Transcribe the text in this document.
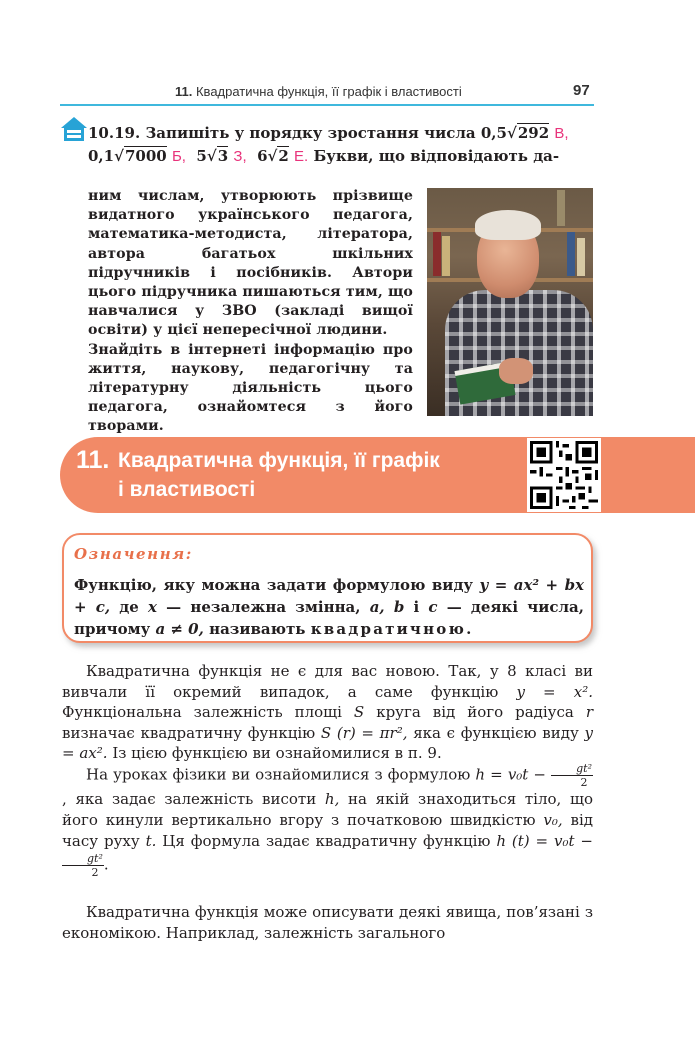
11. Квадратична функція, її графік і властивості	97
10.19. Запишіть у порядку зростання числа 0,5√292 В,
0,1√7000 Б, 5√3 З, 6√2 Е. Букви, що відповідають да-

ним числам, утворюють прізвище видатного українського педагога, математика-методиста, літератора, автора багатьох шкільних підручників і посібників. Автори цього підручника пишаються тим, що навчалися у ЗВО (закладі вищої освіти) у цієї непересічної людини.

Знайдіть в інтернеті інформацію про життя, наукову, педагогічну та літературну діяльність цього педагога, ознайомтеся з його творами.

11. Квадратична функція, її графік
і властивості
Означення:
Функцію, яку можна задати формулою виду y = ax² + bx + c, де x — незалежна змінна, a, b і c — деякі числа, причому a ≠ 0, називають квадратичною.
Квадратична функція не є для вас новою. Так, у 8 класі ви вивчали її окремий випадок, а саме функцію y = x². Функціональна залежність площі S круга від його радіуса r визначає квадратичну функцію S (r) = πr², яка є функцією виду y = ax². Із цією функцією ви ознайомилися в п. 9.
На уроках фізики ви ознайомилися з формулою $h = v_0t - \frac{\text{gt²}}{2}$
, яка задає залежність висоти h, на якій знаходиться тіло, що його кинули вертикально вгору з початковою швидкістю v₀, від часу руху t. Ця формула задає квадратичну функцію h (t) = v₀t −
$\frac{\text{gt²}}{2}$ .
Квадратична функція може описувати деякі явища, пов’язані з економікою. Наприклад, залежність загального
